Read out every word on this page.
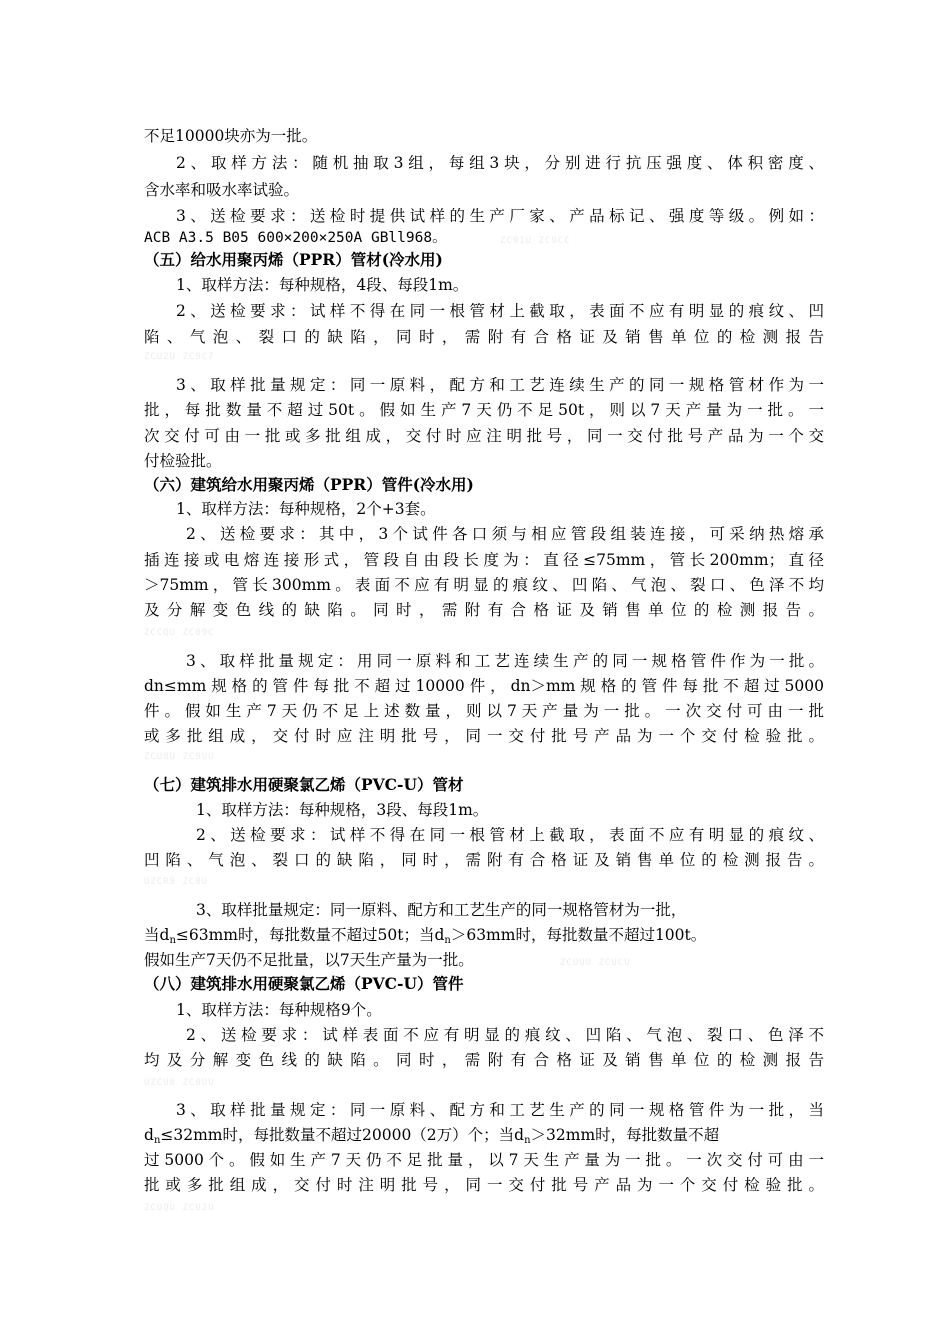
不足10000块亦为一批。
2、取样方法：随机抽取3组，每组3块，分别进行抗压强度、体积密度、
含水率和吸水率试验。
3、送检要求：送检时提供试样的生产厂家、产品标记、强度等级。例如：
ACB A3.5 B05 600×200×250A GBll968。	ZC91U ZC9CC
（五）给水用聚丙烯（PPR）管材(冷水用)
1、取样方法：每种规格，4段、每段1m。
2、送检要求：试样不得在同一根管材上截取，表面不应有明显的痕纹、凹
陷、气泡、裂口的缺陷，同时，需附有合格证及销售单位的检测报告
ZCU2U ZC9C7
3、取样批量规定：同一原料，配方和工艺连续生产的同一规格管材作为一
批，每批数量不超过50t。假如生产7天仍不足50t，则以7天产量为一批。一
次交付可由一批或多批组成，交付时应注明批号，同一交付批号产品为一个交
付检验批。
（六）建筑给水用聚丙烯（PPR）管件(冷水用)
1、取样方法：每种规格，2个+3套。
2、送检要求：其中，3个试件各口须与相应管段组装连接，可采纳热熔承
插连接或电熔连接形式，管段自由段长度为：直径≤75mm，管长200mm；直径
＞75mm，管长300mm。表面不应有明显的痕纹、凹陷、气泡、裂口、色泽不均
及分解变色线的缺陷。同时，需附有合格证及销售单位的检测报告。
ZCCQU ZC09C
3、取样批量规定：用同一原料和工艺连续生产的同一规格管件作为一批。
dn≤mm规格的管件每批不超过10000件，dn＞mm规格的管件每批不超过5000
件。假如生产7天仍不足上述数量，则以7天产量为一批。一次交付可由一批
或多批组成，交付时应注明批号，同一交付批号产品为一个交付检验批。
ZCU8U ZC9UU
（七）建筑排水用硬聚氯乙烯（PVC-U）管材
1、取样方法：每种规格，3段、每段1m。
2、送检要求：试样不得在同一根管材上截取，表面不应有明显的痕纹、
凹陷、气泡、裂口的缺陷，同时，需附有合格证及销售单位的检测报告。
UZCR9 ZC8U
3、取样批量规定：同一原料、配方和工艺生产的同一规格管材为一批，
当$d_n\le 63mm$时，每批数量不超过50t；当$d_n>63mm$时，每批数量不超过100t。
假如生产7天仍不足批量，以7天生产量为一批。	ZCUUU ZCUCU
（八）建筑排水用硬聚氯乙烯（PVC-U）管件
1、取样方法：每种规格9个。
2、送检要求：试样表面不应有明显的痕纹、凹陷、气泡、裂口、色泽不
均及分解变色线的缺陷。同时，需附有合格证及销售单位的检测报告
UZCU8 ZC0UU
3、取样批量规定：同一原料、配方和工艺生产的同一规格管件为一批，当
$d_n\le 32mm$时，每批数量不超过20000（2万）个；当$d_n>32mm$时，每批数量不超
过5000个。假如生产7天仍不足批量，以7天生产量为一批。一次交付可由一
批或多批组成，交付时注明批号，同一交付批号产品为一个交付检验批。
ZCUQU ZCU2U
